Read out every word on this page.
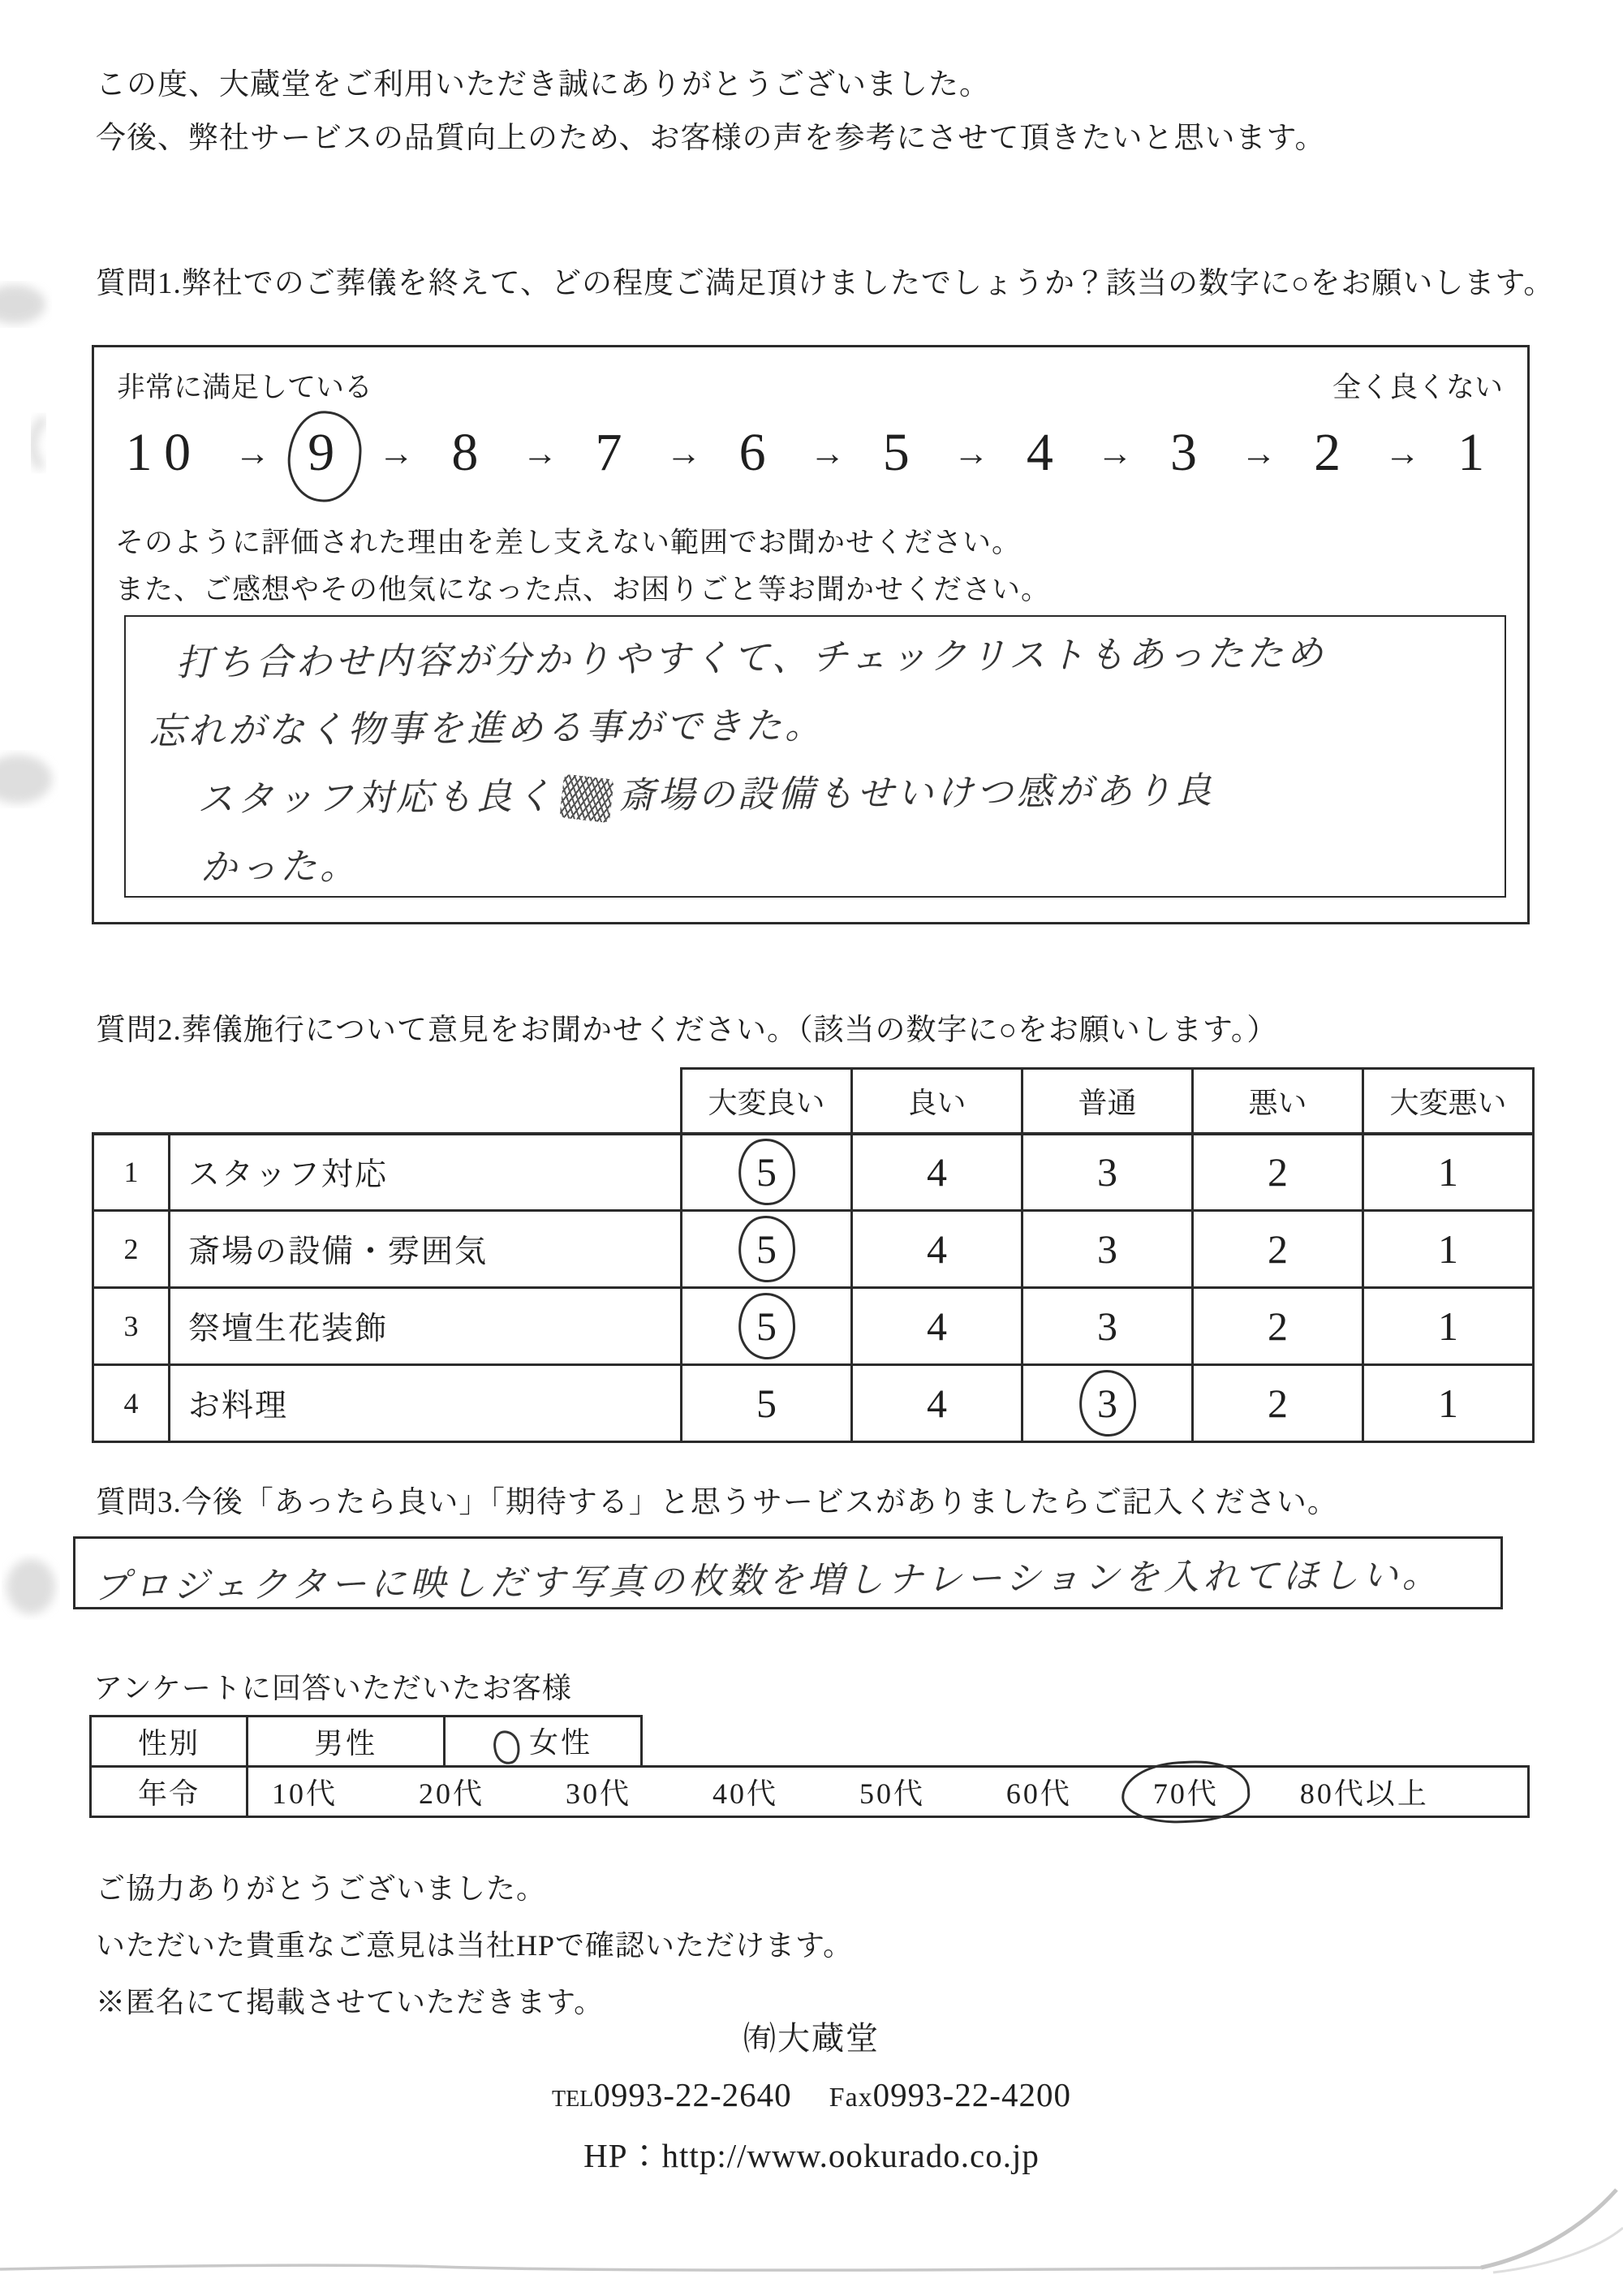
この度、大蔵堂をご利用いただき誠にありがとうございました。
今後、弊社サービスの品質向上のため、お客様の声を参考にさせて頂きたいと思います。
質問1.弊社でのご葬儀を終えて、どの程度ご満足頂けましたでしょうか？該当の数字に○をお願いします。
非常に満足している	全く良くない
10 → 9 → 8 → 7 → 6 → 5 → 4 → 3 → 2 → 1
そのように評価された理由を差し支えない範囲でお聞かせください。
また、ご感想やその他気になった点、お困りごと等お聞かせください。
打ち合わせ内容が分かりやすくて、チェックリストもあったため
忘れがなく物事を進める事ができた。
スタッフ対応も良く 斎場の設備もせいけつ感があり良
かった。
質問2.葬儀施行について意見をお聞かせください。（該当の数字に○をお願いします。）
		大変良い	良い	普通	悪い	大変悪い
1	スタッフ対応	5	4	3	2	1
2	斎場の設備・雰囲気	5	4	3	2	1
3	祭壇生花装飾	5	4	3	2	1
4	お料理	5	4	3	2	1
質問3.今後「あったら良い」「期待する」と思うサービスがありましたらご記入ください。
プロジェクターに映しだす写真の枚数を増しナレーションを入れてほしい。
アンケートに回答いただいたお客様
性別	男性	女性	
年令	10代	20代	30代	40代	50代	60代	70代	80代以上
ご協力ありがとうございました。
いただいた貴重なご意見は当社HPで確認いただけます。
※匿名にて掲載させていただきます。
㈲大蔵堂
TEL0993-22-2640 Fax0993-22-4200
HP：http://www.ookurado.co.jp
